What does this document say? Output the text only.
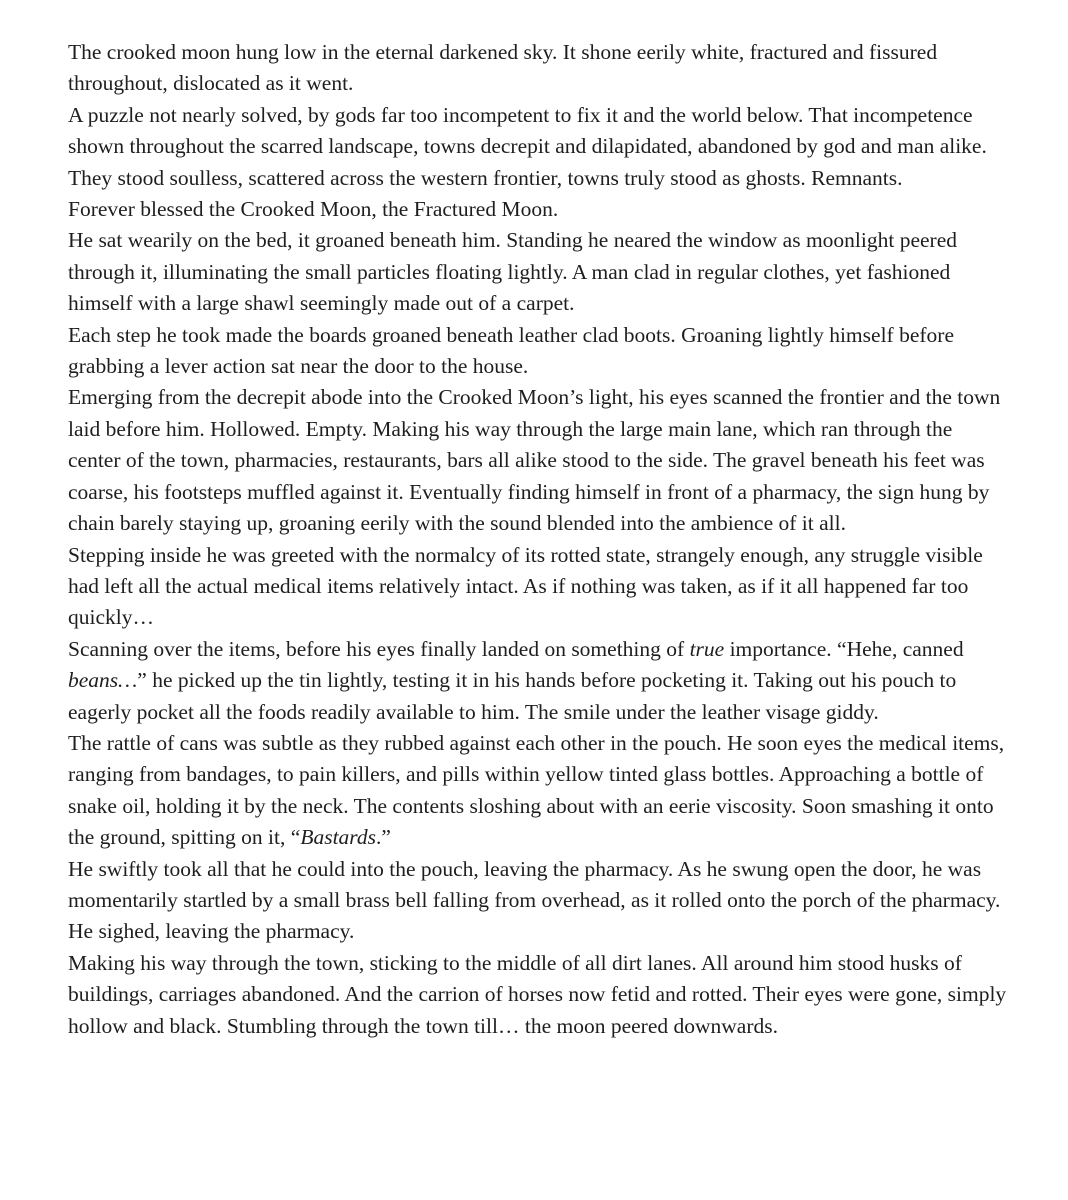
The crooked moon hung low in the eternal darkened sky. It shone eerily white, fractured and fissured throughout, dislocated as it went.

A puzzle not nearly solved, by gods far too incompetent to fix it and the world below. That incompetence shown throughout the scarred landscape, towns decrepit and dilapidated, abandoned by god and man alike. They stood soulless, scattered across the western frontier, towns truly stood as ghosts. Remnants.

Forever blessed the Crooked Moon, the Fractured Moon.

He sat wearily on the bed, it groaned beneath him. Standing he neared the window as moonlight peered through it, illuminating the small particles floating lightly. A man clad in regular clothes, yet fashioned himself with a large shawl seemingly made out of a carpet.

Each step he took made the boards groaned beneath leather clad boots. Groaning lightly himself before grabbing a lever action sat near the door to the house.

Emerging from the decrepit abode into the Crooked Moon’s light, his eyes scanned the frontier and the town laid before him. Hollowed. Empty. Making his way through the large main lane, which ran through the center of the town, pharmacies, restaurants, bars all alike stood to the side. The gravel beneath his feet was coarse, his footsteps muffled against it. Eventually finding himself in front of a pharmacy, the sign hung by chain barely staying up, groaning eerily with the sound blended into the ambience of it all.

Stepping inside he was greeted with the normalcy of its rotted state, strangely enough, any struggle visible had left all the actual medical items relatively intact. As if nothing was taken, as if it all happened far too quickly…

Scanning over the items, before his eyes finally landed on something of true importance. “Hehe, canned beans…” he picked up the tin lightly, testing it in his hands before pocketing it. Taking out his pouch to eagerly pocket all the foods readily available to him. The smile under the leather visage giddy.

The rattle of cans was subtle as they rubbed against each other in the pouch. He soon eyes the medical items, ranging from bandages, to pain killers, and pills within yellow tinted glass bottles. Approaching a bottle of snake oil, holding it by the neck. The contents sloshing about with an eerie viscosity. Soon smashing it onto the ground, spitting on it, “Bastards.”

He swiftly took all that he could into the pouch, leaving the pharmacy. As he swung open the door, he was momentarily startled by a small brass bell falling from overhead, as it rolled onto the porch of the pharmacy. He sighed, leaving the pharmacy.

Making his way through the town, sticking to the middle of all dirt lanes. All around him stood husks of buildings, carriages abandoned. And the carrion of horses now fetid and rotted. Their eyes were gone, simply hollow and black. Stumbling through the town till… the moon peered downwards.
